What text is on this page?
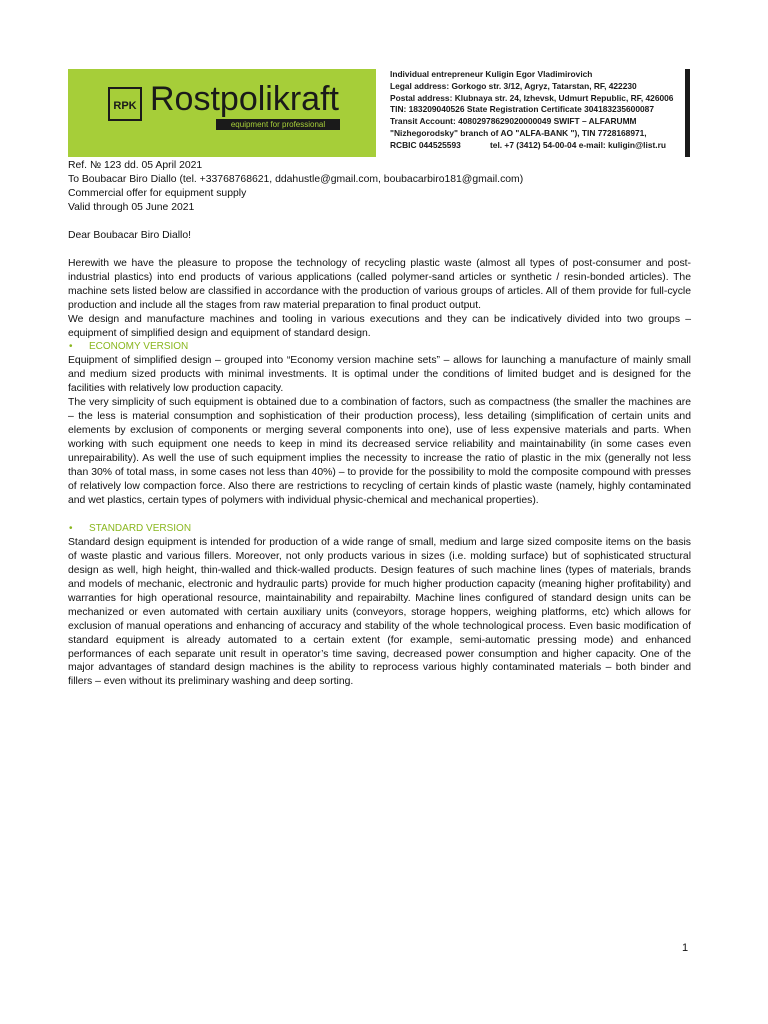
RPK Rostpolikraft
equipment for professional
Individual entrepreneur Kuligin Egor Vladimirovich
Legal address: Gorkogo str. 3/12, Agryz, Tatarstan, RF, 422230
Postal address: Klubnaya str. 24, Izhevsk, Udmurt Republic, RF, 426006
TIN: 183209040526 State Registration Certificate 304183235600087
Transit Account: 40802978629020000049 SWIFT – ALFARUMM
"Nizhegorodsky" branch of AO "ALFA-BANK "), TIN 7728168971,
RCBIC 044525593	tel. +7 (3412) 54-00-04 e-mail: kuligin@list.ru
Ref. № 123 dd. 05 April 2021
To Boubacar Biro Diallo (tel. +33768768621, ddahustle@gmail.com, boubacarbiro181@gmail.com)
Commercial offer for equipment supply
Valid through 05 June 2021

Dear Boubacar Biro Diallo!

Herewith we have the pleasure to propose the technology of recycling plastic waste (almost all types of post-consumer and post-industrial plastics) into end products of various applications (called polymer-sand articles or synthetic / resin-bonded articles). The machine sets listed below are classified in accordance with the production of various groups of articles. All of them provide for full-cycle production and include all the stages from raw material preparation to final product output.

We design and manufacture machines and tooling in various executions and they can be indicatively divided into two groups – equipment of simplified design and equipment of standard design.

•	ECONOMY VERSION

Equipment of simplified design – grouped into “Economy version machine sets” – allows for launching a manufacture of mainly small and medium sized products with minimal investments. It is optimal under the conditions of limited budget and is designed for the facilities with relatively low production capacity.

The very simplicity of such equipment is obtained due to a combination of factors, such as compactness (the smaller the machines are – the less is material consumption and sophistication of their production process), less detailing (simplification of certain units and elements by exclusion of components or merging several components into one), use of less expensive materials and parts. When working with such equipment one needs to keep in mind its decreased service reliability and maintainability (in some cases even unrepairability). As well the use of such equipment implies the necessity to increase the ratio of plastic in the mix (generally not less than 30% of total mass, in some cases not less than 40%) – to provide for the possibility to mold the composite compound with presses of relatively low compaction force. Also there are restrictions to recycling of certain kinds of plastic waste (namely, highly contaminated and wet plastics, certain types of polymers with individual physic-chemical and mechanical properties).

•	STANDARD VERSION

Standard design equipment is intended for production of a wide range of small, medium and large sized composite items on the basis of waste plastic and various fillers. Moreover, not only products various in sizes (i.e. molding surface) but of sophisticated structural design as well, high height, thin-walled and thick-walled products. Design features of such machine lines (types of materials, brands and models of mechanic, electronic and hydraulic parts) provide for much higher production capacity (meaning higher profitability) and warranties for high operational resource, maintainability and repairabilty. Machine lines configured of standard design units can be mechanized or even automated with certain auxiliary units (conveyors, storage hoppers, weighing platforms, etc) which allows for exclusion of manual operations and enhancing of accuracy and stability of the whole technological process. Even basic modification of standard equipment is already automated to a certain extent (for example, semi-automatic pressing mode) and enhanced performances of each separate unit result in operator’s time saving, decreased power consumption and higher capacity. One of the major advantages of standard design machines is the ability to reprocess various highly contaminated materials – both binder and fillers – even without its preliminary washing and deep sorting.

1
